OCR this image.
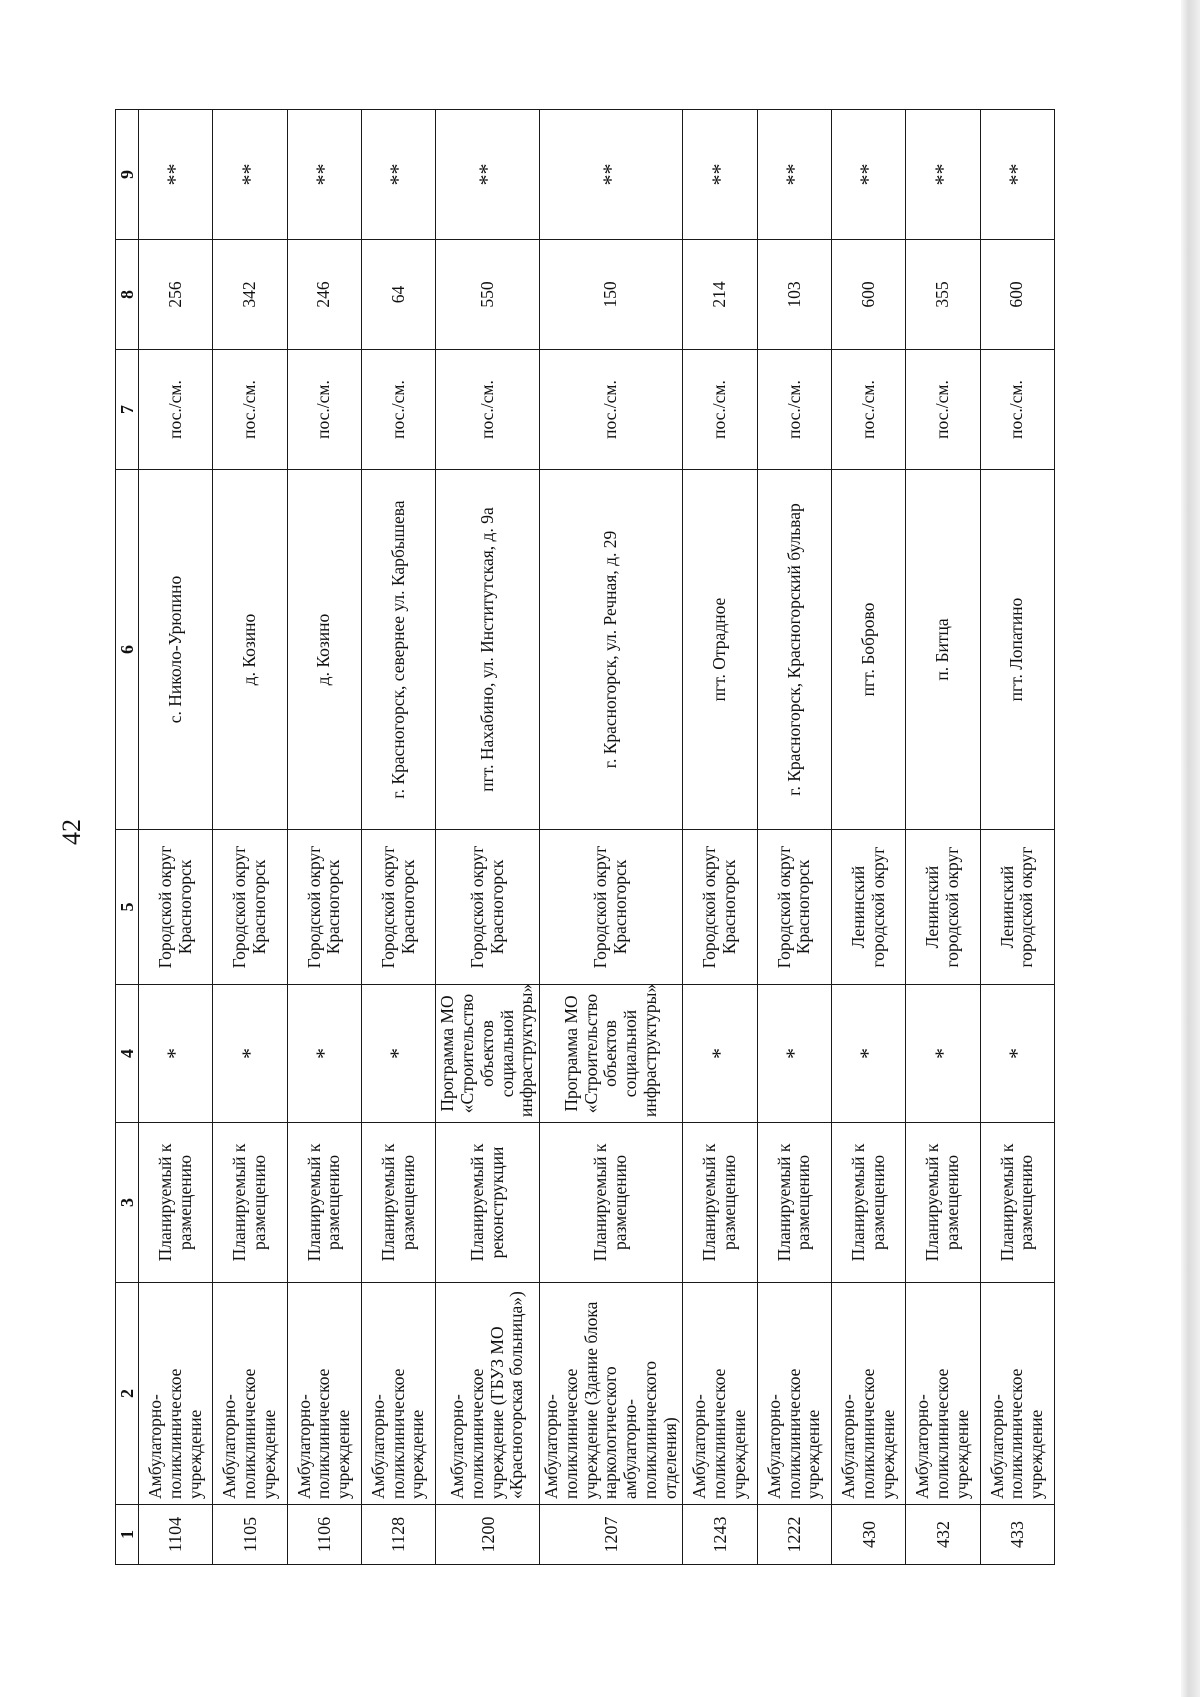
42
1	2	3	4	5	6	7	8	9
1104	Амбулаторно-поликлиническое учреждение	Планируемый к размещению	*	Городской округ Красногорск	с. Николо-Урюпино	пос./см.	256	**
1105	Амбулаторно-поликлиническое учреждение	Планируемый к размещению	*	Городской округ Красногорск	д. Козино	пос./см.	342	**
1106	Амбулаторно-поликлиническое учреждение	Планируемый к размещению	*	Городской округ Красногорск	д. Козино	пос./см.	246	**
1128	Амбулаторно-поликлиническое учреждение	Планируемый к размещению	*	Городской округ Красногорск	г. Красногорск, севернее ул. Карбышева	пос./см.	64	**
1200	Амбулаторно-поликлиническое учреждение (ГБУЗ МО «Красногорская больница»)	Планируемый к реконструкции	Программа МО «Строительство объектов социальной инфраструктуры»	Городской округ Красногорск	пгт. Нахабино, ул. Институтская, д. 9а	пос./см.	550	**
1207	Амбулаторно-поликлиническое учреждение (Здание блока наркологического амбулаторно-поликлинического отделения)	Планируемый к размещению	Программа МО «Строительство объектов социальной инфраструктуры»	Городской округ Красногорск	г. Красногорск, ул. Речная, д. 29	пос./см.	150	**
1243	Амбулаторно-поликлиническое учреждение	Планируемый к размещению	*	Городской округ Красногорск	пгт. Отрадное	пос./см.	214	**
1222	Амбулаторно-поликлиническое учреждение	Планируемый к размещению	*	Городской округ Красногорск	г. Красногорск, Красногорский бульвар	пос./см.	103	**
430	Амбулаторно-поликлиническое учреждение	Планируемый к размещению	*	Ленинский городской округ	пгт. Боброво	пос./см.	600	**
432	Амбулаторно-поликлиническое учреждение	Планируемый к размещению	*	Ленинский городской округ	п. Битца	пос./см.	355	**
433	Амбулаторно-поликлиническое учреждение	Планируемый к размещению	*	Ленинский городской округ	пгт. Лопатино	пос./см.	600	**
